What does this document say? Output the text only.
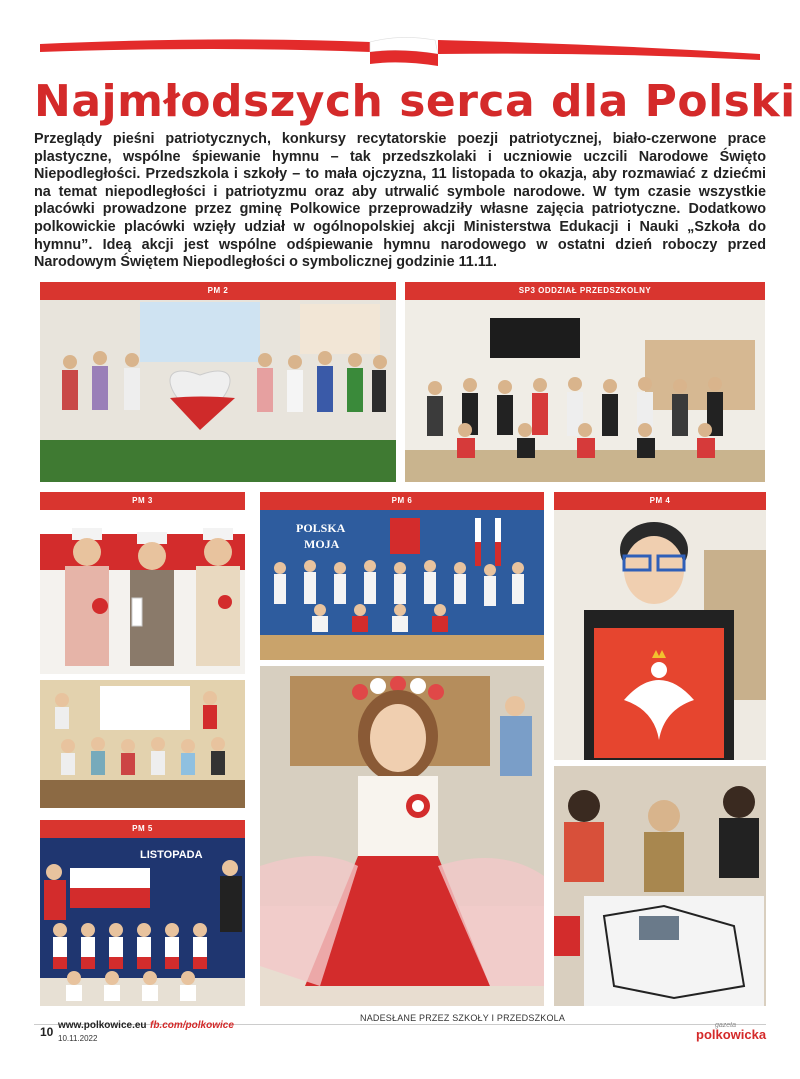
Najmłodszych serca dla Polski

Przeglądy pieśni patriotycznych, konkursy recytatorskie poezji patriotycznej, biało-czerwone prace plastyczne, wspólne śpiewanie hymnu – tak przedszkolaki i uczniowie uczcili Narodowe Święto Niepodległości. Przedszkola i szkoły – to mała ojczyzna, 11 listopada to okazja, aby rozmawiać z dziećmi na temat niepodległości i patriotyzmu oraz aby utrwalić symbole narodowe. W tym czasie wszystkie placówki prowadzone przez gminę Polkowice przeprowadziły własne zajęcia patriotyczne. Dodatkowo polkowickie placówki wzięły udział w ogólnopolskiej akcji Ministerstwa Edukacji i Nauki „Szkoła do hymnu”. Ideą akcji jest wspólne odśpiewanie hymnu narodowego w ostatni dzień roboczy przed Narodowym Świętem Niepodległości o symbolicznej godzinie 11.11.

PM 2	SP3 ODDZIAŁ PRZEDSZKOLNY
PM 3	PM 6
POLSKA
MOJA
PM 5
LISTOPADA
PM 4
NADESŁANE PRZEZ SZKOŁY I PRZEDSZKOLA
10 www.polkowice.eu fb.com/polkowice
10.11.2022
gazeta
polkowicka
